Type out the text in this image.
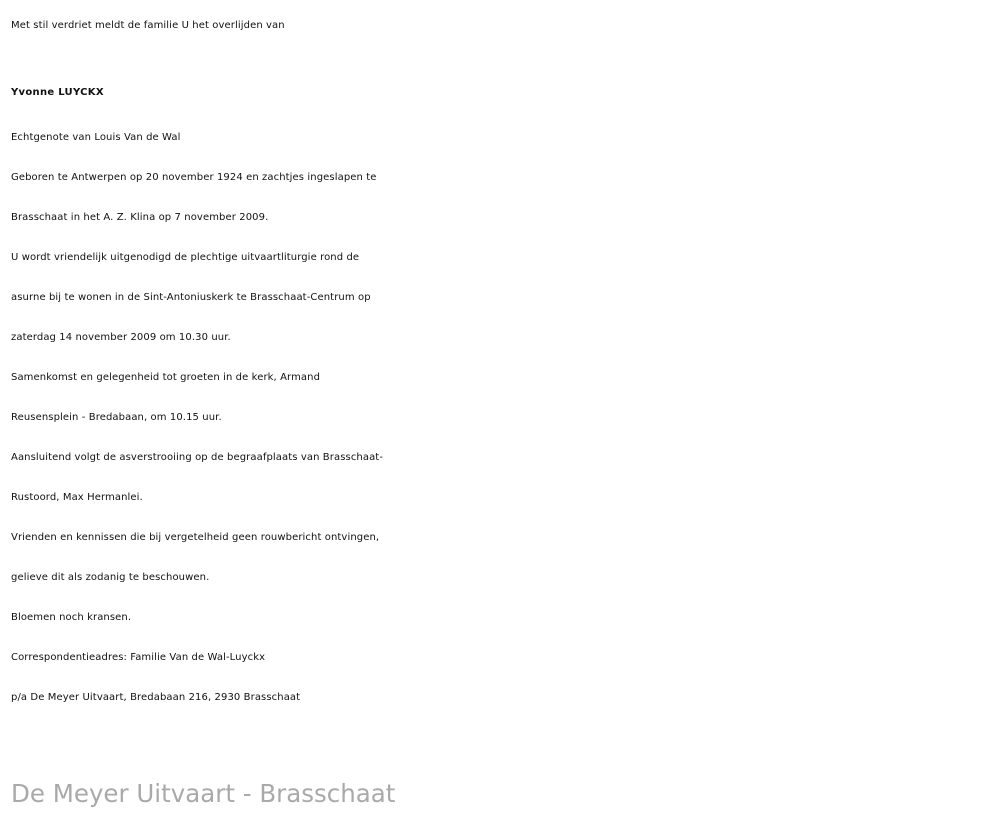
Met stil verdriet meldt de familie U het overlijden van
Yvonne LUYCKX
Echtgenote van Louis Van de Wal
Geboren te Antwerpen op 20 november 1924 en zachtjes ingeslapen te
Brasschaat in het A. Z. Klina op 7 november 2009.
U wordt vriendelijk uitgenodigd de plechtige uitvaartliturgie rond de
asurne bij te wonen in de Sint-Antoniuskerk te Brasschaat-Centrum op
zaterdag 14 november 2009 om 10.30 uur.
Samenkomst en gelegenheid tot groeten in de kerk, Armand
Reusensplein - Bredabaan, om 10.15 uur.
Aansluitend volgt de asverstrooiing op de begraafplaats van Brasschaat-
Rustoord, Max Hermanlei.
Vrienden en kennissen die bij vergetelheid geen rouwbericht ontvingen,
gelieve dit als zodanig te beschouwen.
Bloemen noch kransen.
Correspondentieadres: Familie Van de Wal-Luyckx
p/a De Meyer Uitvaart, Bredabaan 216, 2930 Brasschaat
De Meyer Uitvaart - Brasschaat
